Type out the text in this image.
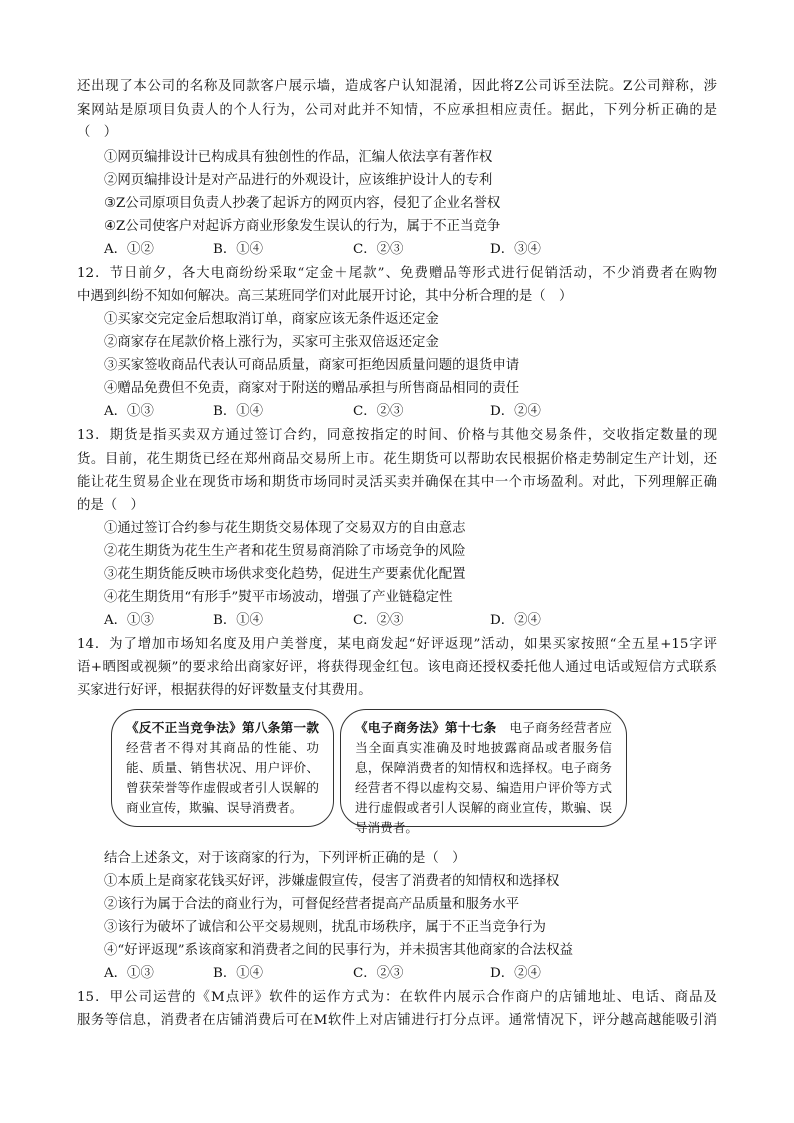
还出现了本公司的名称及同款客户展示墙，造成客户认知混淆，因此将Z公司诉至法院。Z公司辩称，涉
案网站是原项目负责人的个人行为，公司对此并不知情，不应承担相应责任。据此，下列分析正确的是
（　）
①网页编排设计已构成具有独创性的作品，汇编人依法享有著作权
②网页编排设计是对产品进行的外观设计，应该维护设计人的专利
③Z公司原项目负责人抄袭了起诉方的网页内容，侵犯了企业名誉权
④Z公司使客户对起诉方商业形象发生误认的行为，属于不正当竞争
A．①②	B．①④	C．②③	D．③④
12．节日前夕，各大电商纷纷采取“定金＋尾款”、免费赠品等形式进行促销活动，不少消费者在购物
中遇到纠纷不知如何解决。高三某班同学们对此展开讨论，其中分析合理的是（　）
①买家交完定金后想取消订单，商家应该无条件返还定金
②商家存在尾款价格上涨行为，买家可主张双倍返还定金
③买家签收商品代表认可商品质量，商家可拒绝因质量问题的退货申请
④赠品免费但不免责，商家对于附送的赠品承担与所售商品相同的责任
A．①③	B．①④	C．②③	D．②④
13．期货是指买卖双方通过签订合约，同意按指定的时间、价格与其他交易条件，交收指定数量的现
货。目前，花生期货已经在郑州商品交易所上市。花生期货可以帮助农民根据价格走势制定生产计划，还
能让花生贸易企业在现货市场和期货市场同时灵活买卖并确保在其中一个市场盈利。对此，下列理解正确
的是（　）
①通过签订合约参与花生期货交易体现了交易双方的自由意志
②花生期货为花生生产者和花生贸易商消除了市场竞争的风险
③花生期货能反映市场供求变化趋势，促进生产要素优化配置
④花生期货用“有形手”熨平市场波动，增强了产业链稳定性
A．①③	B．①④	C．②③	D．②④
14．为了增加市场知名度及用户美誉度，某电商发起“好评返现”活动，如果买家按照“全五星+15字评
语+晒图或视频”的要求给出商家好评，将获得现金红包。该电商还授权委托他人通过电话或短信方式联系
买家进行好评，根据获得的好评数量支付其费用。

《反不正当竞争法》第八条第一款经营者不得对其商品的性能、功能、质量、销售状况、用户评价、曾获荣誉等作虚假或者引人误解的商业宣传，欺骗、误导消费者。

《电子商务法》第十七条　 电子商务经营者应当全面真实准确及时地披露商品或者服务信息，保障消费者的知情权和选择权。电子商务经营者不得以虚构交易、编造用户评价等方式进行虚假或者引人误解的商业宣传，欺骗、误导消费者。

结合上述条文，对于该商家的行为，下列评析正确的是（　）
①本质上是商家花钱买好评，涉嫌虚假宣传，侵害了消费者的知情权和选择权
②该行为属于合法的商业行为，可督促经营者提高产品质量和服务水平
③该行为破坏了诚信和公平交易规则，扰乱市场秩序，属于不正当竞争行为
④“好评返现”系该商家和消费者之间的民事行为，并未损害其他商家的合法权益
A．①③	B．①④	C．②③	D．②④
15．甲公司运营的《M点评》软件的运作方式为：在软件内展示合作商户的店铺地址、电话、商品及
服务等信息，消费者在店铺消费后可在M软件上对店铺进行打分点评。通常情况下，评分越高越能吸引消
